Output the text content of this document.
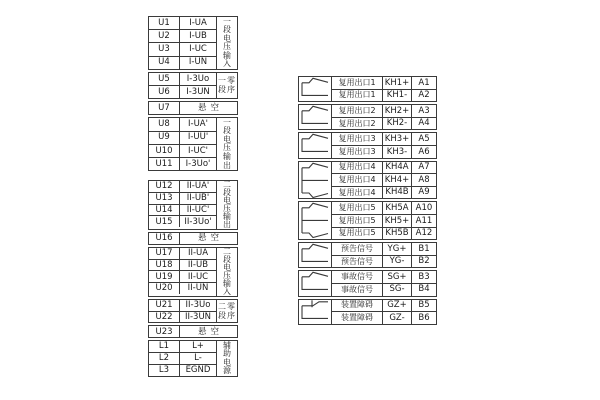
U1	I-UA
U2	I-UB
U3	I-UC
U4	I-UN
一
段
电
压
输
入
U5	I-3Uo
U6	I-3UN
一零
段序
U7	悬空
U8	I-UA'
U9	I-UU'
U10	I-UC'
U11	I-3Uo'
一
段
电
压
输
出
U12	II-UA'
U13	II-UB'
U14	II-UC'
U15	II-3Uo'
二
段
电
压
输
出
U16	悬空
U17	II-UA
U18	II-UB
U19	II-UC
U20	II-UN
二
段
电
压
输
入
U21	II-3Uo
U22	II-3UN
二零
段序
U23	悬空
L1	L+
L2	L-
L3	EGND
辅
助
电
源
复用出口1	KH1+	A1
复用出口1	KH1-	A2
复用出口2	KH2+	A3
复用出口2	KH2-	A4
复用出口3	KH3+	A5
复用出口3	KH3-	A6
复用出口4	KH4A	A7
复用出口4	KH4+	A8
复用出口4	KH4B	A9
复用出口5	KH5A A10
复用出口5	KH5+ A11
复用出口5	KH5B A12
预告信号	YG+	B1
预告信号	YG-	B2
事故信号	SG+	B3
事故信号	SG-	B4
装置障碍	GZ+	B5
装置障碍	GZ-	B6
